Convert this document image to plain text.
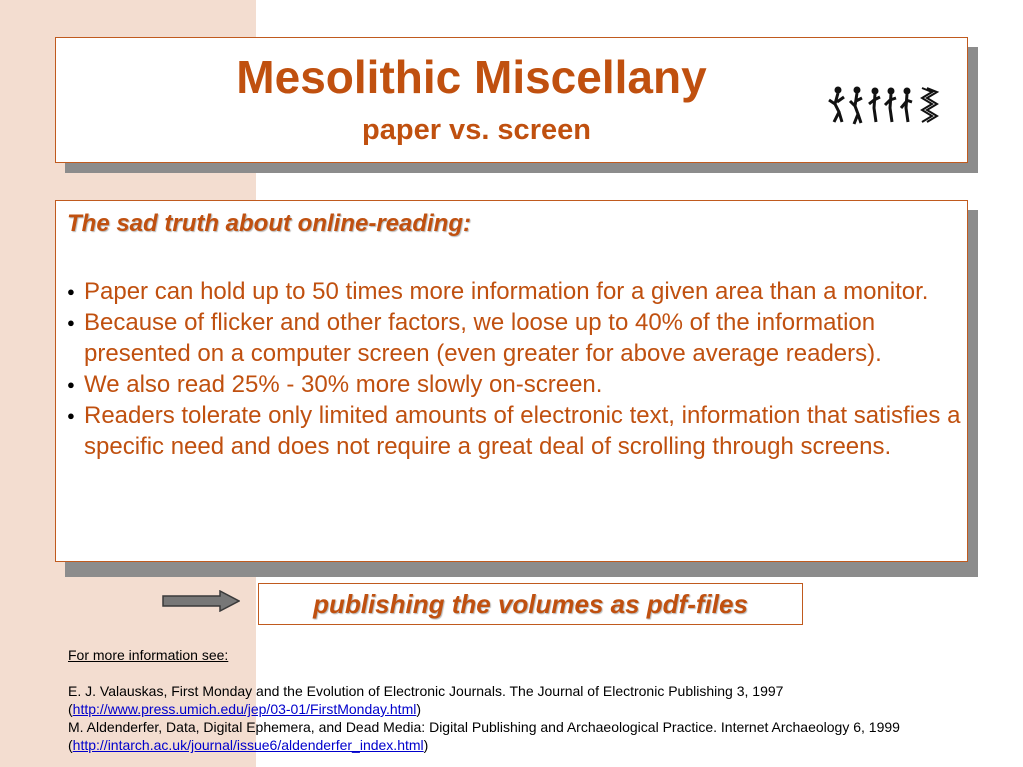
Mesolithic Miscellany
paper vs. screen
The sad truth about online-reading:
● Paper can hold up to 50 times more information for a given area than a monitor.
● Because of flicker and other factors, we loose up to 40% of the information presented on a computer screen (even greater for above average readers).
● We also read 25% - 30% more slowly on-screen.
● Readers tolerate only limited amounts of electronic text, information that satisfies a specific need and does not require a great deal of scrolling through screens.
publishing the volumes as pdf-files
For more information see:
E. J. Valauskas, First Monday and the Evolution of Electronic Journals. The Journal of Electronic Publishing 3, 1997 (http://www.press.umich.edu/jep/03-01/FirstMonday.html)
M. Aldenderfer, Data, Digital Ephemera, and Dead Media: Digital Publishing and Archaeological Practice. Internet Archaeology 6, 1999 (http://intarch.ac.uk/journal/issue6/aldenderfer_index.html)
